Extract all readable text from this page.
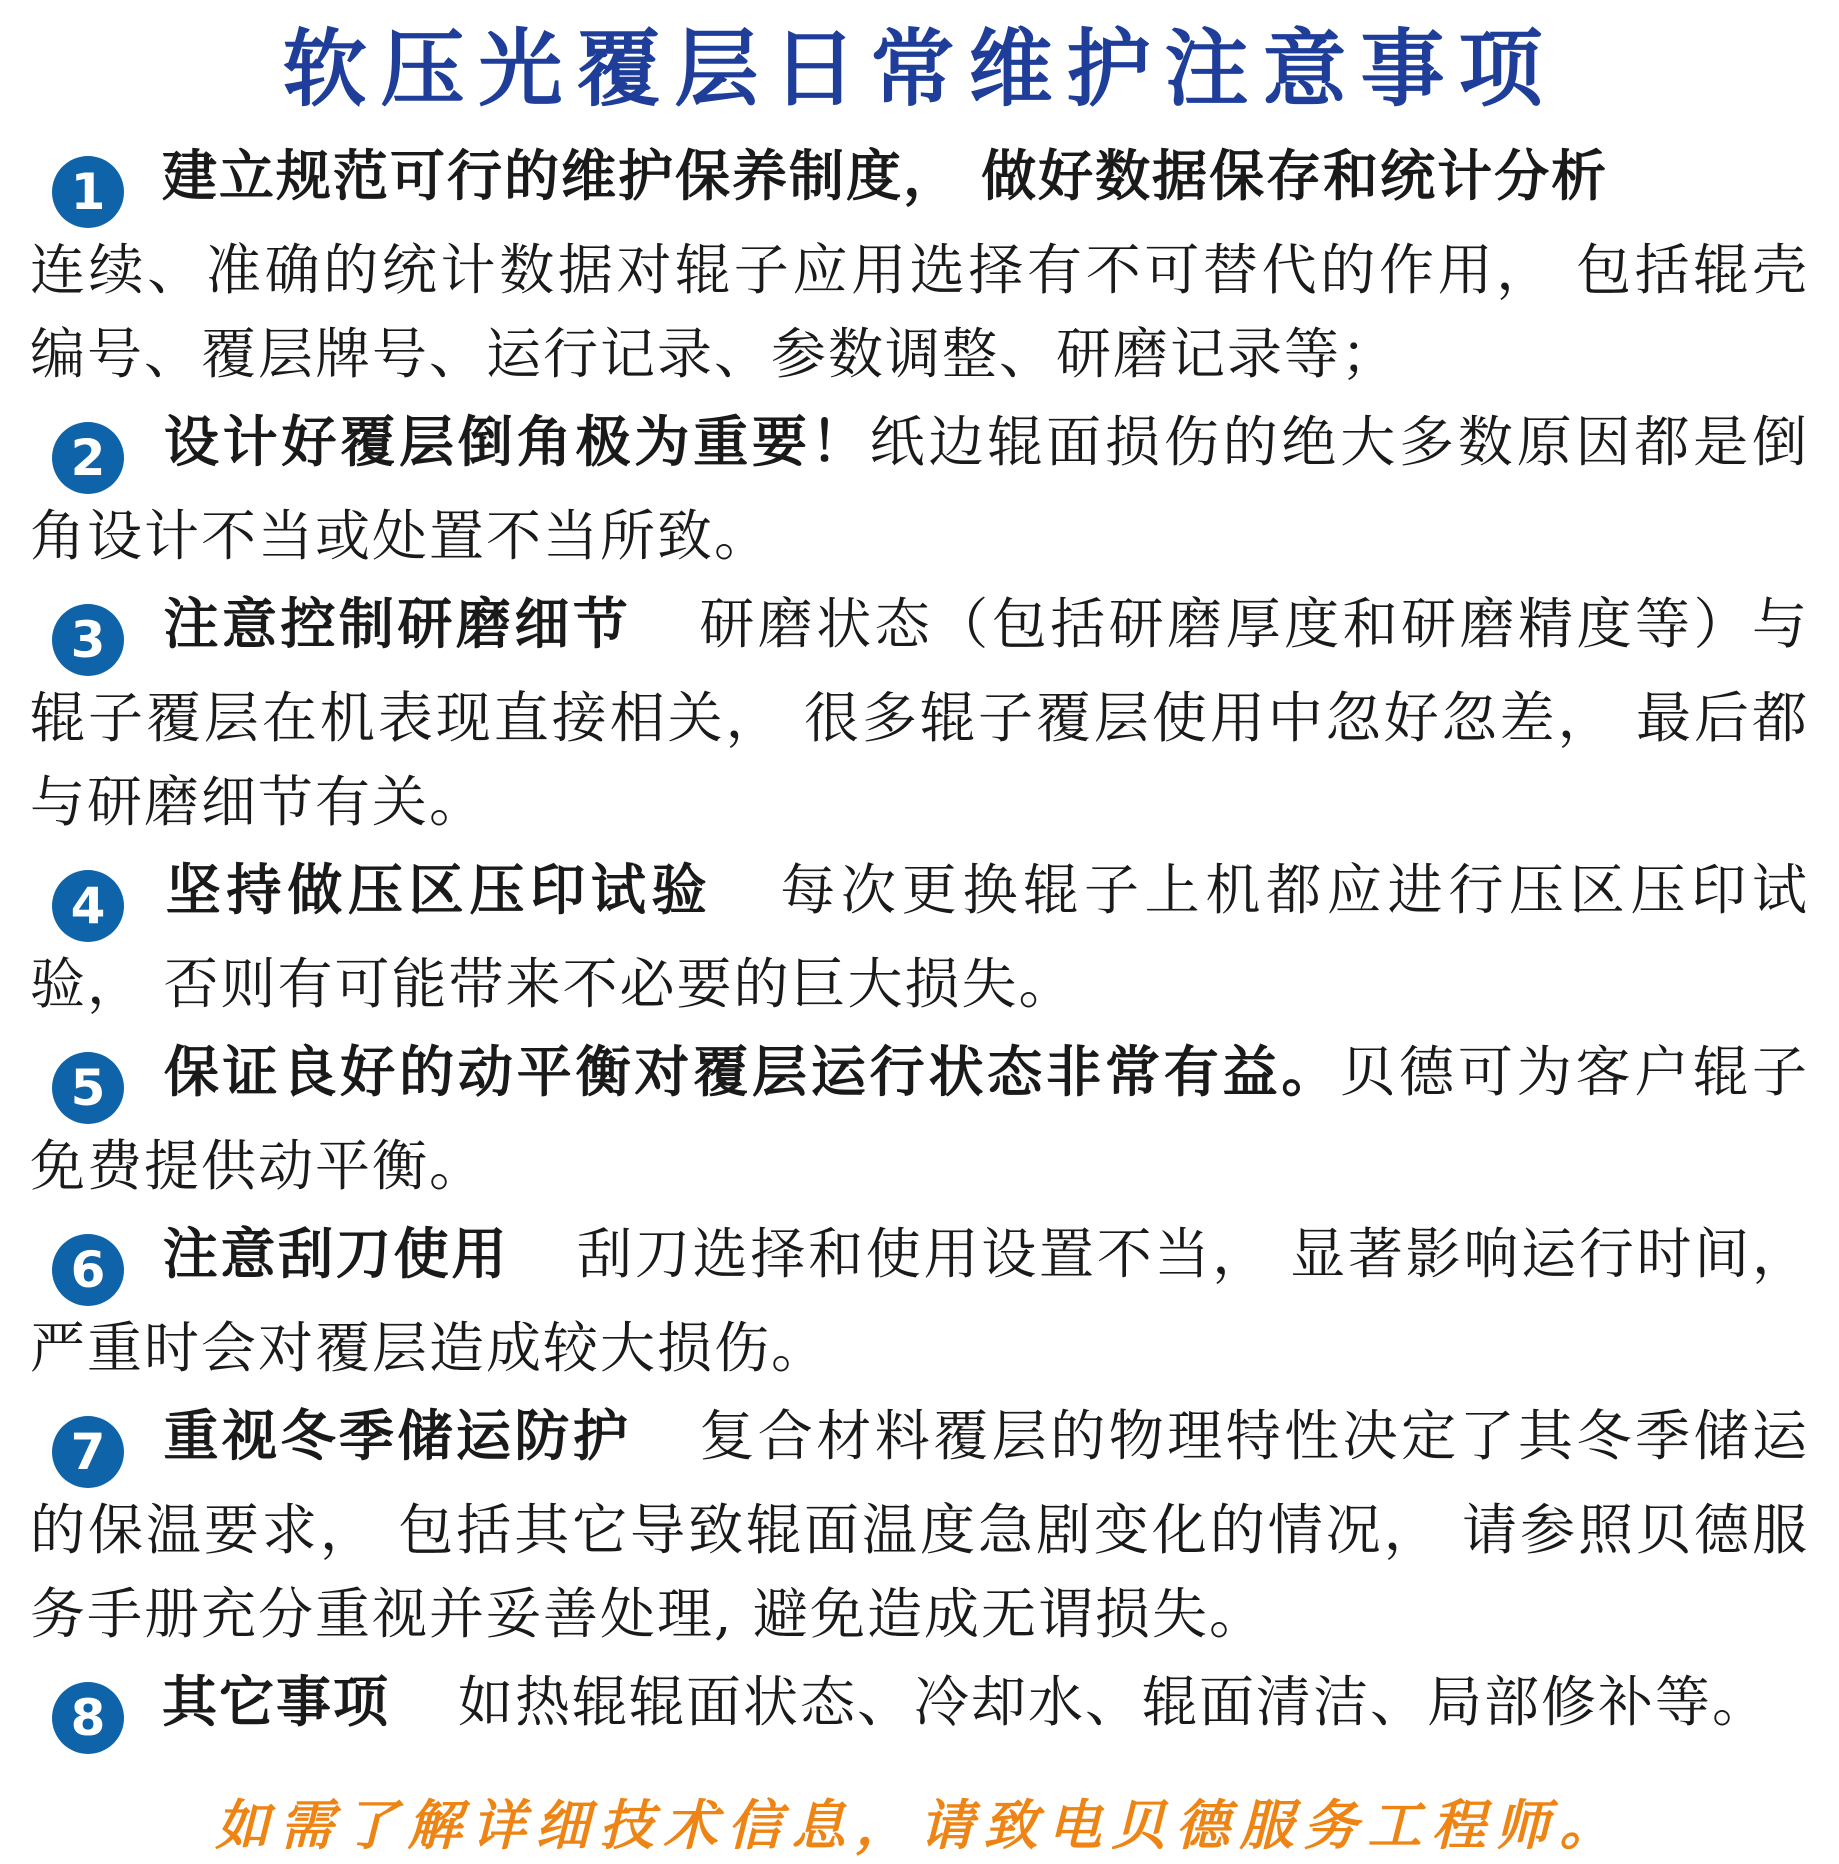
软压光覆层日常维护注意事项
1 建立规范可行的维护保养制度， 做好数据保存和统计分析
连续、准确的统计数据对辊子应用选择有不可替代的作用， 包括辊壳编号、覆层牌号、运行记录、参数调整、研磨记录等；
2 设计好覆层倒角极为重要！纸边辊面损伤的绝大多数原因都是倒角设计不当或处置不当所致。
3 注意控制研磨细节 研磨状态（包括研磨厚度和研磨精度等）与辊子覆层在机表现直接相关， 很多辊子覆层使用中忽好忽差， 最后都与研磨细节有关。
4 坚持做压区压印试验 每次更换辊子上机都应进行压区压印试验， 否则有可能带来不必要的巨大损失。
5 保证良好的动平衡对覆层运行状态非常有益。贝德可为客户辊子免费提供动平衡。
6 注意刮刀使用 刮刀选择和使用设置不当， 显著影响运行时间， 严重时会对覆层造成较大损伤。
7 重视冬季储运防护 复合材料覆层的物理特性决定了其冬季储运的保温要求， 包括其它导致辊面温度急剧变化的情况， 请参照贝德服务手册充分重视并妥善处理, 避免造成无谓损失。
8 其它事项 如热辊辊面状态、冷却水、辊面清洁、局部修补等。
如需了解详细技术信息，请致电贝德服务工程师。
